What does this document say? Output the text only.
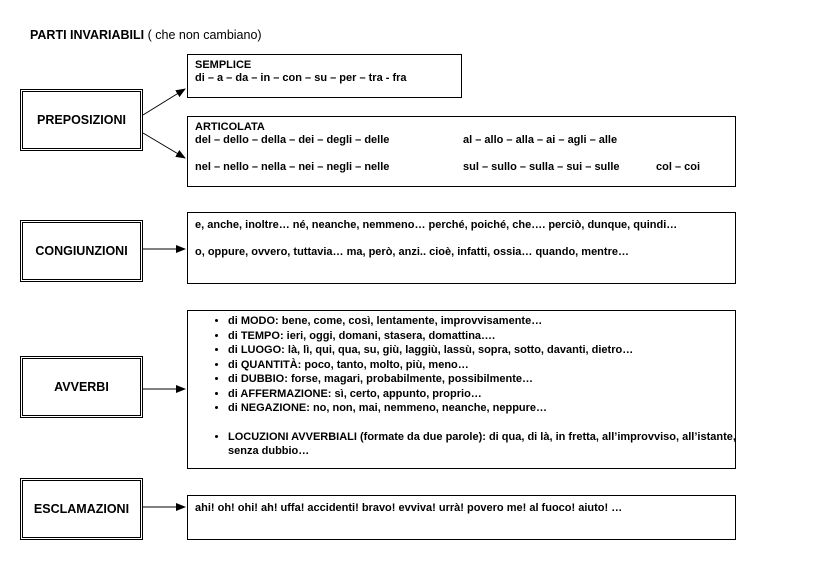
PARTI INVARIABILI ( che non cambiano)
PREPOSIZIONI
SEMPLICE
di – a – da – in – con – su – per – tra - fra
ARTICOLATA
del – dello – della – dei – degli – delle	al – allo – alla – ai – agli – alle
nel – nello – nella – nei – negli – nelle	sul – sullo – sulla – sui – sulle	col – coi
CONGIUNZIONI
e, anche, inoltre… né, neanche, nemmeno… perché, poiché, che…. perciò, dunque, quindi…
o, oppure, ovvero, tuttavia… ma, però, anzi.. cioè, infatti, ossia… quando, mentre…
AVVERBI
• di MODO: bene, come, così, lentamente, improvvisamente…
• di TEMPO: ieri, oggi, domani, stasera, domattina….
• di LUOGO: là, lì, qui, qua, su, giù, laggiù, lassù, sopra, sotto, davanti, dietro…
• di QUANTITÀ: poco, tanto, molto, più, meno…
• di DUBBIO: forse, magari, probabilmente, possibilmente…
• di AFFERMAZIONE: sì, certo, appunto, proprio…
• di NEGAZIONE: no, non, mai, nemmeno, neanche, neppure…
• LOCUZIONI AVVERBIALI (formate da due parole): di qua, di là, in fretta, all’improvviso, all’istante, senza dubbio…
ESCLAMAZIONI	ahi! oh! ohi! ah! uffa! accidenti! bravo! evviva! urrà! povero me! al fuoco! aiuto! …
